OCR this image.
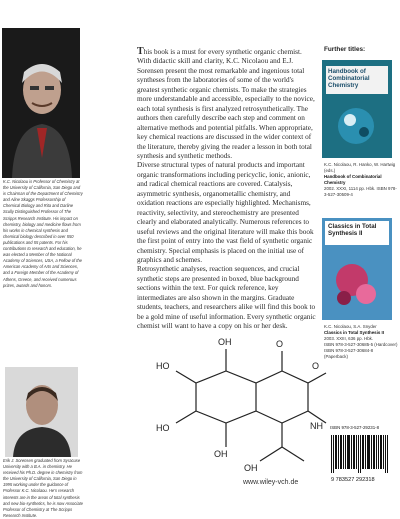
K.C. Nicolaou is Professor of Chemistry at the University of California, San Diego and is Chairman of the Department of Chemistry and Aline Skaggs Professorship of Chemical Biology and Rita and Darline Scully Distinguished Professor of The Scripps Research Institute. His impact on chemistry, biology and medicine flows from his works in chemical synthesis and chemical biology described in over 550 publications and 55 patents. For his contributions to research and education, he was elected a Member of the National Academy of Sciences, USA, a Fellow of the American Academy of Arts and Sciences, and a Foreign Member of the Academy of Athens, Greece, and received numerous prizes, awards and honors.
Erik J. Sorensen graduated from Syracuse University with a B.A. in chemistry. He received his Ph.D. degree in chemistry from the University of California, San Diego in 1995 working under the guidance of Professor K.C. Nicolaou. He's research interests are in the areas of total synthesis and new bio-synthetics, he is now Associate Professor of Chemistry at The Scripps Research Institute.

This book is a must for every synthetic organic chemist. With didactic skill and clarity, K.C. Nicolaou and E.J. Sorensen present the most remarkable and ingenious total syntheses from the laboratories of some of the world's greatest synthetic organic chemists. To make the strategies more understandable and accessible, especially to the novice, each total synthesis is first analyzed retrosynthetically. The authors then carefully describe each step and comment on alternative methods and potential pitfalls. When appropriate, key chemical reactions are discussed in the wider context of the literature, thereby giving the reader a lesson in both total synthesis and synthetic methods.

Diverse structural types of natural products and important organic transformations including pericyclic, ionic, anionic, and radical chemical reactions are covered. Catalysis, asymmetric synthesis, organometallic chemistry, and oxidation reactions are especially highlighted. Mechanisms, reactivity, selectivity, and stereochemistry are presented clearly and elaborated analytically. Numerous references to useful reviews and the original literature will make this book the first point of entry into the vast field of synthetic organic chemistry. Special emphasis is placed on the initial use of graphics and schemes.

Retrosynthetic analyses, reaction sequences, and crucial synthetic steps are presented in boxed, blue background sections within the text. For quick reference, key intermediates are also shown in the margins. Graduate students, teachers, and researchers alike will find this book to be a gold mine of useful information. Every synthetic organic chemist will want to have a copy on his or her desk.

HO
OH	O
O
NH
OH
HO
OH
www.wiley-vch.de
Further titles:
Handbook of Combinatorial Chemistry
K.C. Nicolaou, R. Hanko, W. Hartwig (eds.)
Handbook of Combinatorial Chemistry
2002. XXXI, 1114 pp. Hbk. ISBN 978-3-527-30509-4
Classics in Total Synthesis II
K.C. Nicolaou, S.A. Snyder
Classics in Total Synthesis II
2003. XXIII, 636 pp. Hbk.
ISBN 978-3-527-30685-5 (Hardcover)
ISBN 978-3-527-30684-8 (Paperback)
ISBN 978-3-527-29231-8
9 783527 292318
